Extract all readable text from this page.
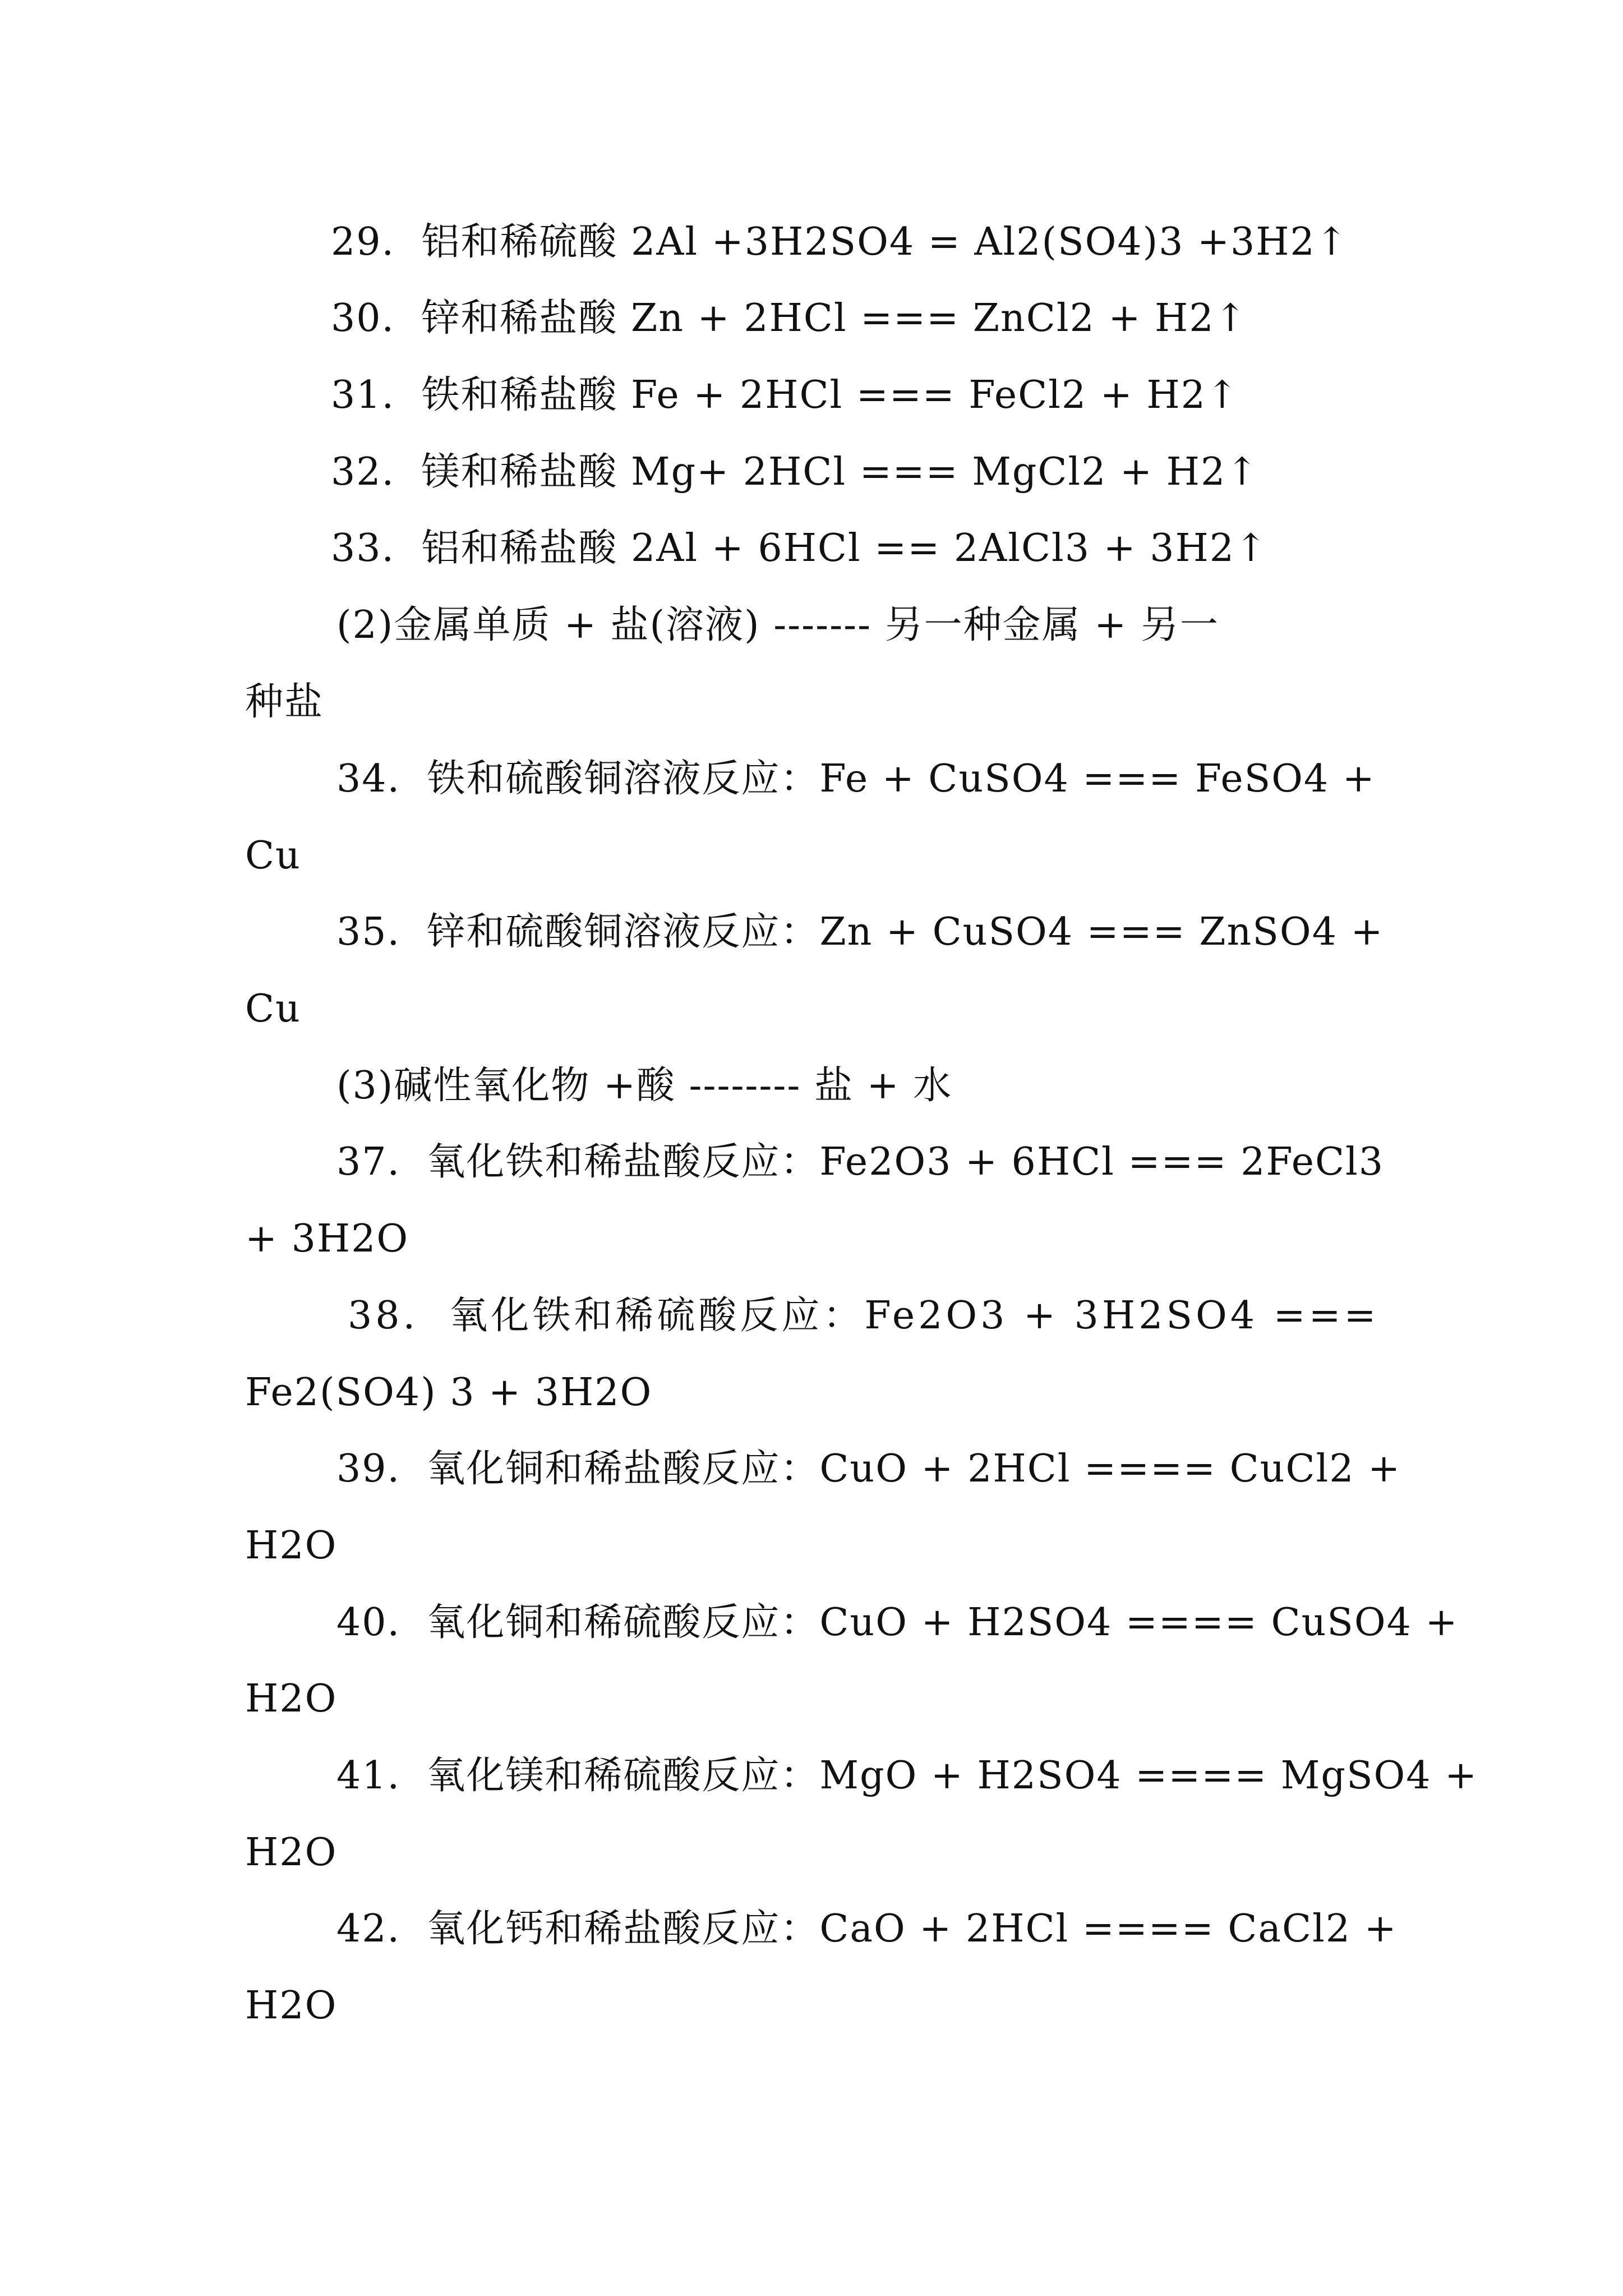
29.  铝和稀硫酸 2Al +3H2SO4 = Al2(SO4)3 +3H2↑
30.  锌和稀盐酸 Zn + 2HCl === ZnCl2 + H2↑
31.  铁和稀盐酸 Fe + 2HCl === FeCl2 + H2↑
32.  镁和稀盐酸 Mg+ 2HCl === MgCl2 + H2↑
33.  铝和稀盐酸 2Al + 6HCl == 2AlCl3 + 3H2↑
(2)金属单质 + 盐(溶液) ------- 另一种金属 + 另一
种盐
34.  铁和硫酸铜溶液反应：Fe + CuSO4 === FeSO4 +
Cu
35.  锌和硫酸铜溶液反应：Zn + CuSO4 === ZnSO4 +
Cu
(3)碱性氧化物 +酸 -------- 盐 + 水
37.  氧化铁和稀盐酸反应：Fe2O3 + 6HCl === 2FeCl3
+ 3H2O
38.  氧化铁和稀硫酸反应：Fe2O3 + 3H2SO4 ===
Fe2(SO4) 3 + 3H2O
39.  氧化铜和稀盐酸反应：CuO + 2HCl ==== CuCl2 +
H2O
40.  氧化铜和稀硫酸反应：CuO + H2SO4 ==== CuSO4 +
H2O
41.  氧化镁和稀硫酸反应：MgO + H2SO4 ==== MgSO4 +
H2O
42.  氧化钙和稀盐酸反应：CaO + 2HCl ==== CaCl2 +
H2O
